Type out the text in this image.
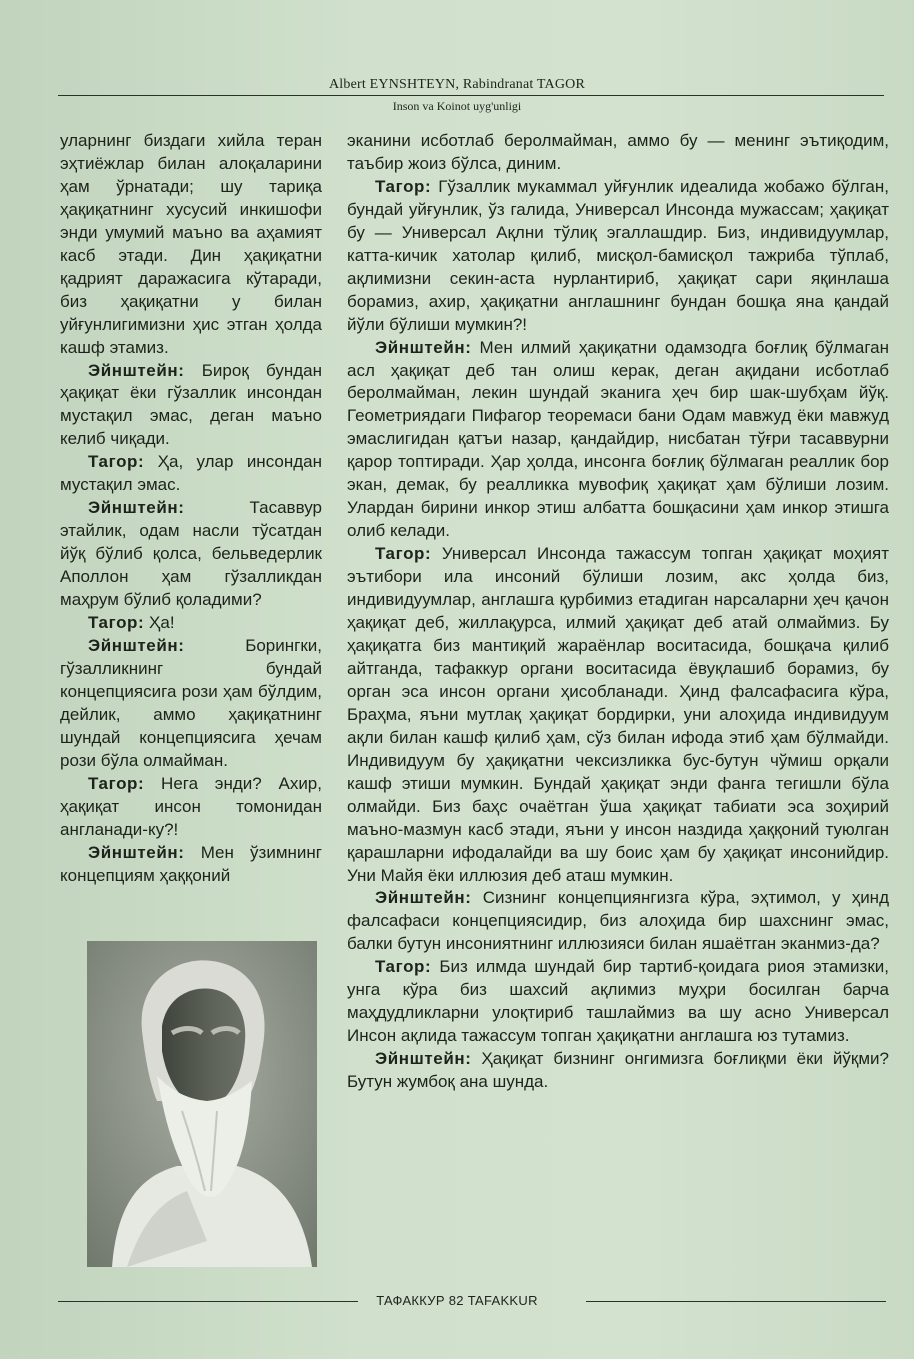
Albert EYNSHTEYN, Rabindranat TAGOR
Inson va Koinot uyg'unligi

уларнинг биздаги хийла теран эҳтиёжлар билан алоқаларини ҳам ўрнатади; шу тариқа ҳақиқатнинг хусусий инкишофи энди умумий маъно ва аҳамият касб этади. Дин ҳақиқатни қадрият даражасига кўтаради, биз ҳақиқатни у билан уйғунлигимизни ҳис этган ҳолда кашф этамиз.

Эйнштейн: Бироқ бундан ҳақиқат ёки гўзаллик инсондан мустақил эмас, деган маъно келиб чиқади.

Тагор: Ҳа, улар инсондан мустақил эмас.

Эйнштейн: Тасаввур этайлик, одам насли тўсатдан йўқ бўлиб қолса, бельведерлик Аполлон ҳам гўзалликдан маҳрум бўлиб қоладими?

Тагор: Ҳа!

Эйнштейн: Борингки, гўзалликнинг бундай концепциясига рози ҳам бўлдим, дейлик, аммо ҳақиқатнинг шундай концепциясига ҳечам рози бўла олмайман.

Тагор: Нега энди? Ахир, ҳақиқат инсон томонидан англанади-ку?!

Эйнштейн: Мен ўзимнинг концепциям ҳаққоний

эканини исботлаб беролмайман, аммо бу — менинг эътиқодим, таъбир жоиз бўлса, диним.

Тагор: Гўзаллик мукаммал уйғунлик идеалида жобажо бўлган, бундай уйғунлик, ўз галида, Универсал Инсонда мужассам; ҳақиқат бу — Универсал Ақлни тўлиқ эгаллашдир. Биз, индивидуумлар, катта-кичик хатолар қилиб, мисқол-бамисқол тажриба тўплаб, ақлимизни секин-аста нурлантириб, ҳақиқат сари яқинлаша борамиз, ахир, ҳақиқатни англашнинг бундан бошқа яна қандай йўли бўлиши мумкин?!

Эйнштейн: Мен илмий ҳақиқатни одамзодга боғлиқ бўлмаган асл ҳақиқат деб тан олиш керак, деган ақидани исботлаб беролмайман, лекин шундай эканига ҳеч бир шак-шубҳам йўқ. Геометриядаги Пифагор теоремаси бани Одам мавжуд ёки мавжуд эмаслигидан қатъи назар, қандайдир, нисбатан тўғри тасаввурни қарор топтиради. Ҳар ҳолда, инсонга боғлиқ бўлмаган реаллик бор экан, демак, бу реалликка мувофиқ ҳақиқат ҳам бўлиши лозим. Улардан бирини инкор этиш албатта бошқасини ҳам инкор этишга олиб келади.

Тагор: Универсал Инсонда тажассум топган ҳақиқат моҳият эътибори ила инсоний бўлиши лозим, акс ҳолда биз, индивидуумлар, англашга қурбимиз етадиган нарсаларни ҳеч қачон ҳақиқат деб, жиллақурса, илмий ҳақиқат деб атай олмаймиз. Бу ҳақиқатга биз мантиқий жараёнлар воситасида, бошқача қилиб айтганда, тафаккур органи воситасида ёвуқлашиб борамиз, бу орган эса инсон органи ҳисобланади. Ҳинд фалсафасига кўра, Браҳма, яъни мутлақ ҳақиқат бордирки, уни алоҳида индивидуум ақли билан кашф қилиб ҳам, сўз билан ифода этиб ҳам бўлмайди. Индивидуум бу ҳақиқатни чексизликка буc-бутун чўмиш орқали кашф этиши мумкин. Бундай ҳақиқат энди фанга тегишли бўла олмайди. Биз баҳс очаётган ўша ҳақиқат табиати эса зоҳирий маъно-мазмун касб этади, яъни у инсон наздида ҳаққоний туюлган қарашларни ифодалайди ва шу боис ҳам бу ҳақиқат инсонийдир. Уни Майя ёки иллюзия деб аташ мумкин.

Эйнштейн: Сизнинг концепциянгизга кўра, эҳтимол, у ҳинд фалсафаси концепциясидир, биз алоҳида бир шахснинг эмас, балки бутун инсониятнинг иллюзияси билан яшаётган эканмиз-да?

Тагор: Биз илмда шундай бир тартиб-қоидага риоя этамизки, унга кўра биз шахсий ақлимиз муҳри босилган барча маҳдудликларни улоқтириб ташлаймиз ва шу асно Универсал Инсон ақлида тажассум топган ҳақиқатни англашга юз тутамиз.

Эйнштейн: Ҳақиқат бизнинг онгимизга боғлиқми ёки йўқми? Бутун жумбоқ ана шунда.

ТАФАККУР 82 TAFAKKUR
